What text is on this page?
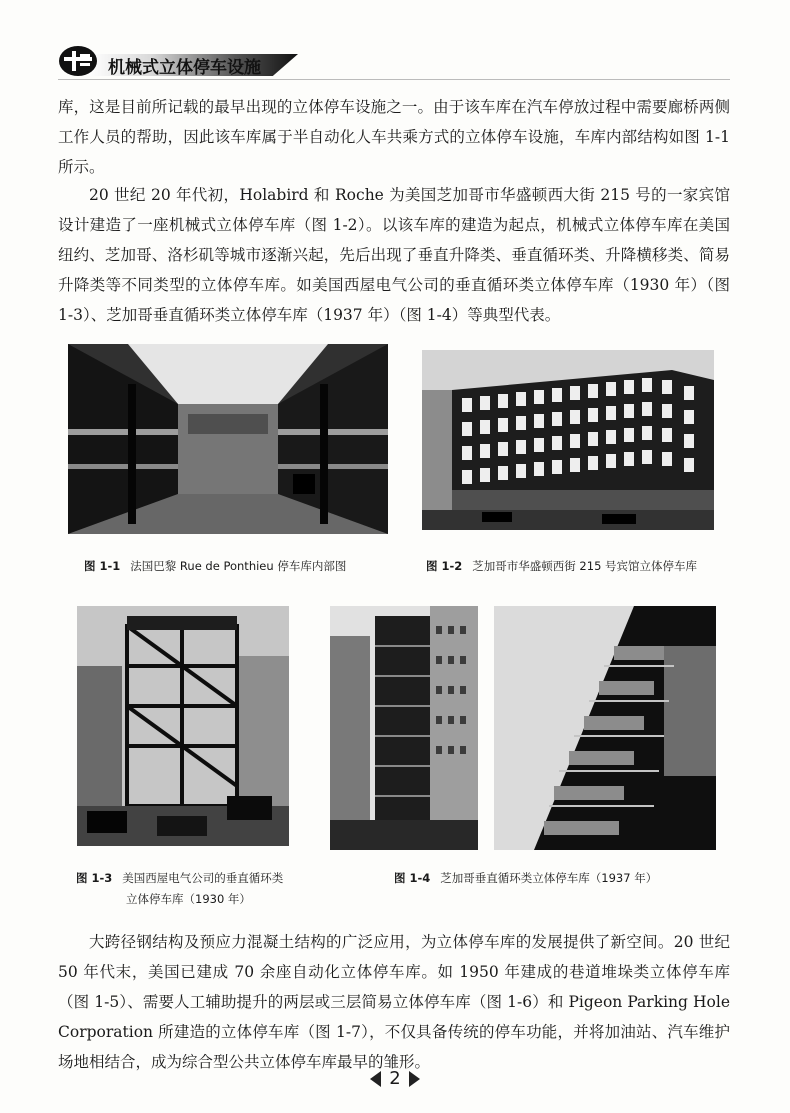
机械式立体停车设施

库，这是目前所记载的最早出现的立体停车设施之一。由于该车库在汽车停放过程中需要廊桥两侧工作人员的帮助，因此该车库属于半自动化人车共乘方式的立体停车设施，车库内部结构如图 1-1 所示。

20 世纪 20 年代初，Holabird 和 Roche 为美国芝加哥市华盛顿西大街 215 号的一家宾馆设计建造了一座机械式立体停车库（图 1-2）。以该车库的建造为起点，机械式立体停车库在美国纽约、芝加哥、洛杉矶等城市逐渐兴起，先后出现了垂直升降类、垂直循环类、升降横移类、简易升降类等不同类型的立体停车库。如美国西屋电气公司的垂直循环类立体停车库（1930 年）（图 1-3）、芝加哥垂直循环类立体停车库（1937 年）（图 1-4）等典型代表。

图 1-1 法国巴黎 Rue de Ponthieu 停车库内部图	图 1-2 芝加哥市华盛顿西街 215 号宾馆立体停车库
图 1-3 美国西屋电气公司的垂直循环类
立体停车库（1930 年）
图 1-4 芝加哥垂直循环类立体停车库（1937 年）

大跨径钢结构及预应力混凝土结构的广泛应用，为立体停车库的发展提供了新空间。20 世纪 50 年代末，美国已建成 70 余座自动化立体停车库。如 1950 年建成的巷道堆垛类立体停车库（图 1-5）、需要人工辅助提升的两层或三层简易立体停车库（图 1-6）和 Pigeon Parking Hole Corporation 所建造的立体停车库（图 1-7），不仅具备传统的停车功能，并将加油站、汽车维护场地相结合，成为综合型公共立体停车库最早的雏形。

2
